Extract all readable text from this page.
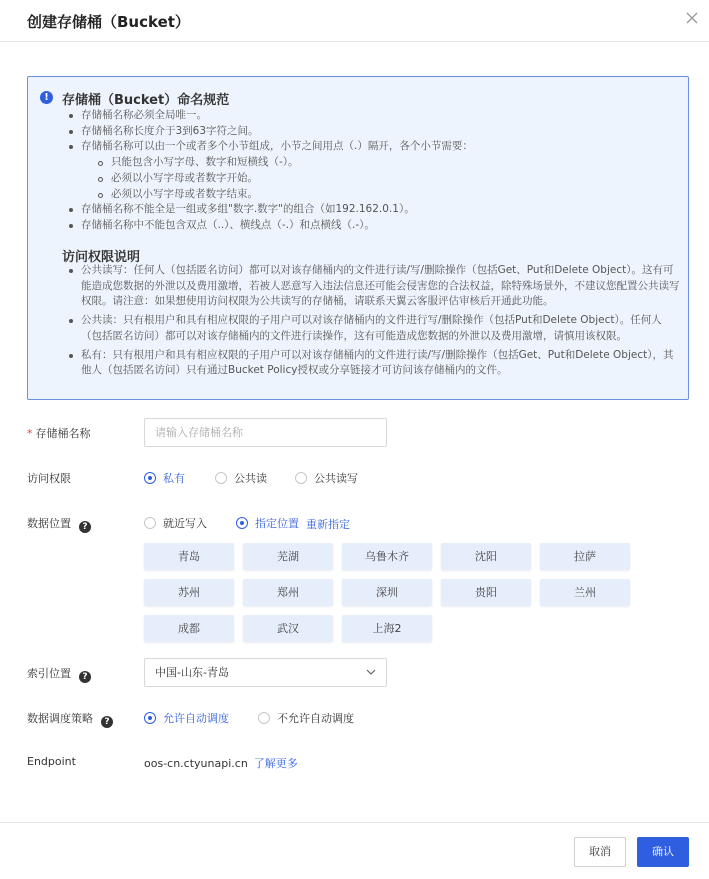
创建存储桶（Bucket）
!	存储桶（Bucket）命名规范
存储桶名称必须全局唯一。
存储桶名称长度介于3到63字符之间。
存储桶名称可以由一个或者多个小节组成，小节之间用点（.）隔开，各个小节需要：
只能包含小写字母、数字和短横线（-）。
必须以小写字母或者数字开始。
必须以小写字母或者数字结束。
存储桶名称不能全是一组或多组"数字.数字"的组合（如192.162.0.1）。
存储桶名称中不能包含双点（..）、横线点（-.）和点横线（.-）。
访问权限说明
公共读写：任何人（包括匿名访问）都可以对该存储桶内的文件进行读/写/删除操作（包括Get、Put和Delete Object）。这有可能造成您数据的外泄以及费用激增，若被人恶意写入违法信息还可能会侵害您的合法权益，除特殊场景外，不建议您配置公共读写权限。请注意：如果想使用访问权限为公共读写的存储桶，请联系天翼云客服评估审核后开通此功能。
公共读：只有根用户和具有相应权限的子用户可以对该存储桶内的文件进行写/删除操作（包括Put和Delete Object）。任何人（包括匿名访问）都可以对该存储桶内的文件进行读操作，这有可能造成您数据的外泄以及费用激增，请慎用该权限。
私有：只有根用户和具有相应权限的子用户可以对该存储桶内的文件进行读/写/删除操作（包括Get、Put和Delete Object），其他人（包括匿名访问）只有通过Bucket Policy授权或分享链接才可访问该存储桶内的文件。
* 存储桶名称
请输入存储桶名称
访问权限	私有	公共读	公共读写
数据位置 ?	就近写入	指定位置 重新指定
青岛	芜湖	乌鲁木齐	沈阳	拉萨
苏州	郑州	深圳	贵阳	兰州
成都	武汉	上海2
索引位置 ?	中国-山东-青岛
数据调度策略 ?	允许自动调度	不允许自动调度
Endpoint	oos-cn.ctyunapi.cn 了解更多
取消	确认
